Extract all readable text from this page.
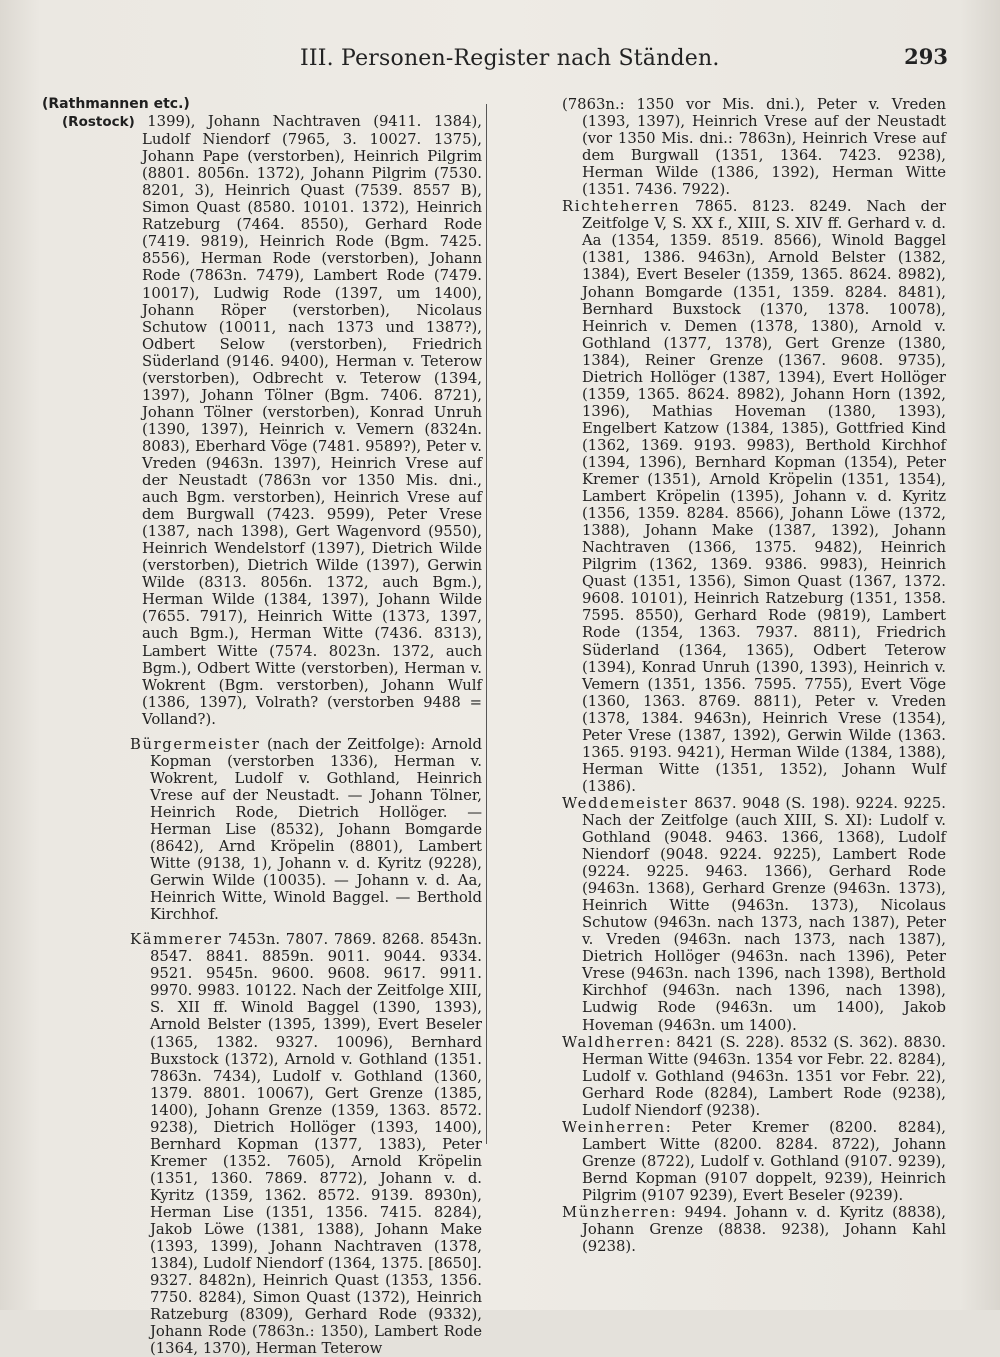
III. Personen-Register nach Ständen.	293
(Rathmannen etc.)

(Rostock) 1399), Johann Nachtraven (9411. 1384), Ludolf Niendorf (7965, 3. 10027. 1375), Johann Pape (verstorben), Heinrich Pilgrim (8801. 8056n. 1372), Johann Pilgrim (7530. 8201, 3), Heinrich Quast (7539. 8557 B), Simon Quast (8580. 10101. 1372), Heinrich Ratzeburg (7464. 8550), Gerhard Rode (7419. 9819), Heinrich Rode (Bgm. 7425. 8556), Herman Rode (verstorben), Johann Rode (7863n. 7479), Lambert Rode (7479. 10017), Ludwig Rode (1397, um 1400), Johann Röper (verstorben), Nicolaus Schutow (10011, nach 1373 und 1387?), Odbert Selow (verstorben), Friedrich Süderland (9146. 9400), Herman v. Teterow (verstorben), Odbrecht v. Teterow (1394, 1397), Johann Tölner (Bgm. 7406. 8721), Johann Tölner (verstorben), Konrad Unruh (1390, 1397), Heinrich v. Vemern (8324n. 8083), Eberhard Vöge (7481. 9589?), Peter v. Vreden (9463n. 1397), Heinrich Vrese auf der Neustadt (7863n vor 1350 Mis. dni., auch Bgm. verstorben), Heinrich Vrese auf dem Burgwall (7423. 9599), Peter Vrese (1387, nach 1398), Gert Wagenvord (9550), Heinrich Wendelstorf (1397), Dietrich Wilde (verstorben), Dietrich Wilde (1397), Gerwin Wilde (8313. 8056n. 1372, auch Bgm.), Herman Wilde (1384, 1397), Johann Wilde (7655. 7917), Heinrich Witte (1373, 1397, auch Bgm.), Herman Witte (7436. 8313), Lambert Witte (7574. 8023n. 1372, auch Bgm.), Odbert Witte (verstorben), Herman v. Wokrent (Bgm. verstorben), Johann Wulf (1386, 1397), Volrath? (verstorben 9488 = Volland?).

Bürgermeister (nach der Zeitfolge): Arnold Kopman (verstorben 1336), Herman v. Wokrent, Ludolf v. Gothland, Heinrich Vrese auf der Neustadt. — Johann Tölner, Heinrich Rode, Dietrich Hollöger. — Herman Lise (8532), Johann Bomgarde (8642), Arnd Kröpelin (8801), Lambert Witte (9138, 1), Johann v. d. Kyritz (9228), Gerwin Wilde (10035). — Johann v. d. Aa, Heinrich Witte, Winold Baggel. — Berthold Kirchhof.

Kämmerer 7453n. 7807. 7869. 8268. 8543n. 8547. 8841. 8859n. 9011. 9044. 9334. 9521. 9545n. 9600. 9608. 9617. 9911. 9970. 9983. 10122. Nach der Zeitfolge XIII, S. XII ff. Winold Baggel (1390, 1393), Arnold Belster (1395, 1399), Evert Beseler (1365, 1382. 9327. 10096), Bernhard Buxstock (1372), Arnold v. Gothland (1351. 7863n. 7434), Ludolf v. Gothland (1360, 1379. 8801. 10067), Gert Grenze (1385, 1400), Johann Grenze (1359, 1363. 8572. 9238), Dietrich Hollöger (1393, 1400), Bernhard Kopman (1377, 1383), Peter Kremer (1352. 7605), Arnold Kröpelin (1351, 1360. 7869. 8772), Johann v. d. Kyritz (1359, 1362. 8572. 9139. 8930n), Herman Lise (1351, 1356. 7415. 8284), Jakob Löwe (1381, 1388), Johann Make (1393, 1399), Johann Nachtraven (1378, 1384), Ludolf Niendorf (1364, 1375. [8650]. 9327. 8482n), Heinrich Quast (1353, 1356. 7750. 8284), Simon Quast (1372), Heinrich Ratzeburg (8309), Gerhard Rode (9332), Johann Rode (7863n.: 1350), Lambert Rode (1364, 1370), Herman Teterow

(7863n.: 1350 vor Mis. dni.), Peter v. Vreden (1393, 1397), Heinrich Vrese auf der Neustadt (vor 1350 Mis. dni.: 7863n), Heinrich Vrese auf dem Burgwall (1351, 1364. 7423. 9238), Herman Wilde (1386, 1392), Herman Witte (1351. 7436. 7922).

Richteherren 7865. 8123. 8249. Nach der Zeitfolge V, S. XX f., XIII, S. XIV ff. Gerhard v. d. Aa (1354, 1359. 8519. 8566), Winold Baggel (1381, 1386. 9463n), Arnold Belster (1382, 1384), Evert Beseler (1359, 1365. 8624. 8982), Johann Bomgarde (1351, 1359. 8284. 8481), Bernhard Buxstock (1370, 1378. 10078), Heinrich v. Demen (1378, 1380), Arnold v. Gothland (1377, 1378), Gert Grenze (1380, 1384), Reiner Grenze (1367. 9608. 9735), Dietrich Hollöger (1387, 1394), Evert Hollöger (1359, 1365. 8624. 8982), Johann Horn (1392, 1396), Mathias Hoveman (1380, 1393), Engelbert Katzow (1384, 1385), Gottfried Kind (1362, 1369. 9193. 9983), Berthold Kirchhof (1394, 1396), Bernhard Kopman (1354), Peter Kremer (1351), Arnold Kröpelin (1351, 1354), Lambert Kröpelin (1395), Johann v. d. Kyritz (1356, 1359. 8284. 8566), Johann Löwe (1372, 1388), Johann Make (1387, 1392), Johann Nachtraven (1366, 1375. 9482), Heinrich Pilgrim (1362, 1369. 9386. 9983), Heinrich Quast (1351, 1356), Simon Quast (1367, 1372. 9608. 10101), Heinrich Ratzeburg (1351, 1358. 7595. 8550), Gerhard Rode (9819), Lambert Rode (1354, 1363. 7937. 8811), Friedrich Süderland (1364, 1365), Odbert Teterow (1394), Konrad Unruh (1390, 1393), Heinrich v. Vemern (1351, 1356. 7595. 7755), Evert Vöge (1360, 1363. 8769. 8811), Peter v. Vreden (1378, 1384. 9463n), Heinrich Vrese (1354), Peter Vrese (1387, 1392), Gerwin Wilde (1363. 1365. 9193. 9421), Herman Wilde (1384, 1388), Herman Witte (1351, 1352), Johann Wulf (1386).

Weddemeister 8637. 9048 (S. 198). 9224. 9225. Nach der Zeitfolge (auch XIII, S. XI): Ludolf v. Gothland (9048. 9463. 1366, 1368), Ludolf Niendorf (9048. 9224. 9225), Lambert Rode (9224. 9225. 9463. 1366), Gerhard Rode (9463n. 1368), Gerhard Grenze (9463n. 1373), Heinrich Witte (9463n. 1373), Nicolaus Schutow (9463n. nach 1373, nach 1387), Peter v. Vreden (9463n. nach 1373, nach 1387), Dietrich Hollöger (9463n. nach 1396), Peter Vrese (9463n. nach 1396, nach 1398), Berthold Kirchhof (9463n. nach 1396, nach 1398), Ludwig Rode (9463n. um 1400), Jakob Hoveman (9463n. um 1400).

Waldherren: 8421 (S. 228). 8532 (S. 362). 8830. Herman Witte (9463n. 1354 vor Febr. 22. 8284), Ludolf v. Gothland (9463n. 1351 vor Febr. 22), Gerhard Rode (8284), Lambert Rode (9238), Ludolf Niendorf (9238).

Weinherren: Peter Kremer (8200. 8284), Lambert Witte (8200. 8284. 8722), Johann Grenze (8722), Ludolf v. Gothland (9107. 9239), Bernd Kopman (9107 doppelt, 9239), Heinrich Pilgrim (9107 9239), Evert Beseler (9239).

Münzherren: 9494. Johann v. d. Kyritz (8838), Johann Grenze (8838. 9238), Johann Kahl (9238).
